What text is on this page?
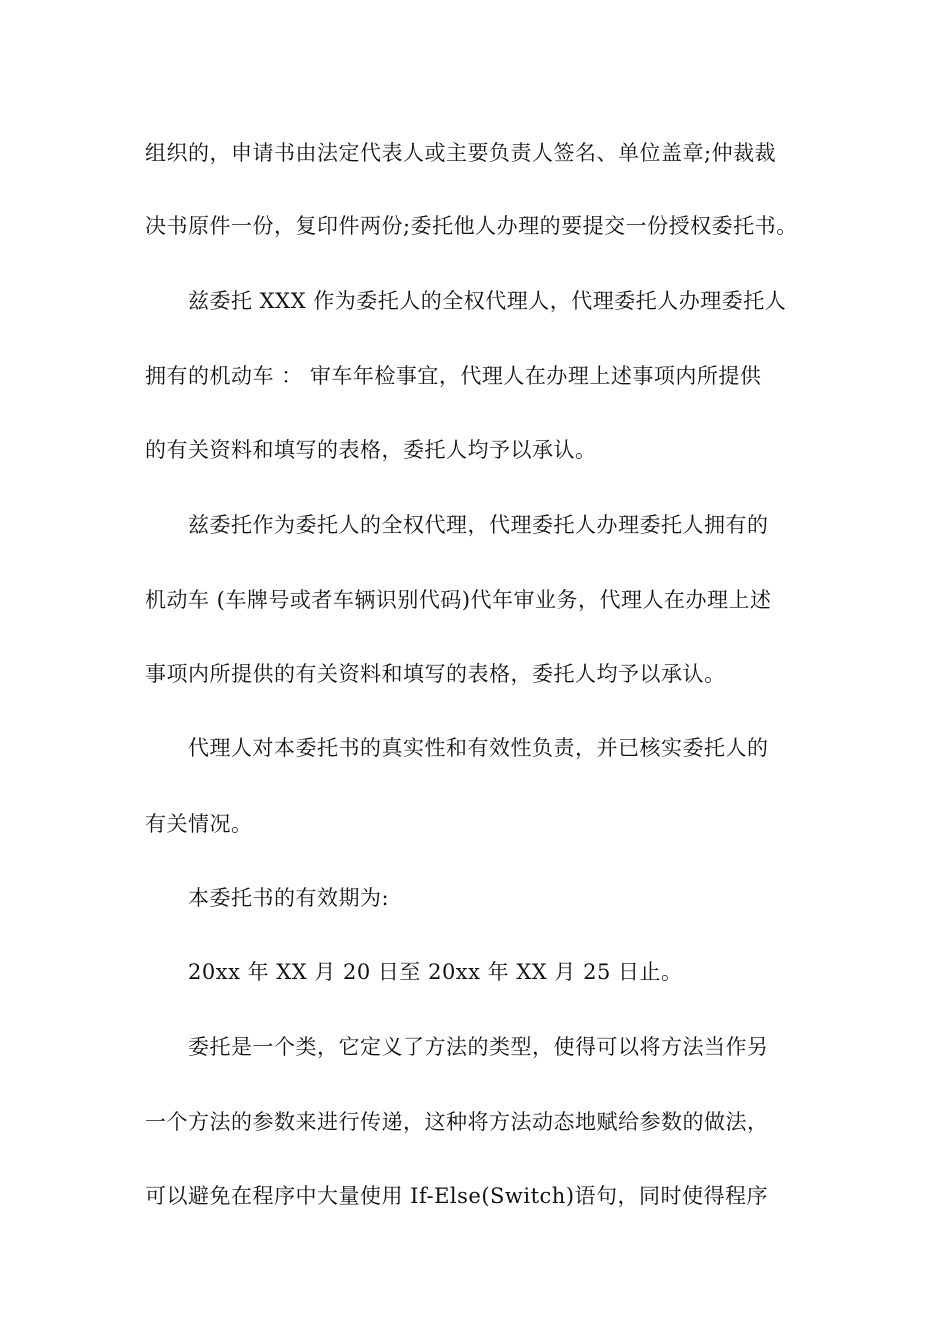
组织的，申请书由法定代表人或主要负责人签名、单位盖章;仲裁裁
决书原件一份，复印件两份;委托他人办理的要提交一份授权委托书。
兹委托 XXX 作为委托人的全权代理人，代理委托人办理委托人
拥有的机动车 ： 审车年检事宜，代理人在办理上述事项内所提供
的有关资料和填写的表格，委托人均予以承认。
兹委托作为委托人的全权代理，代理委托人办理委托人拥有的
机动车 (车牌号或者车辆识别代码)代年审业务，代理人在办理上述
事项内所提供的有关资料和填写的表格，委托人均予以承认。
代理人对本委托书的真实性和有效性负责，并已核实委托人的
有关情况。
本委托书的有效期为:
20xx 年 XX 月 20 日至 20xx 年 XX 月 25 日止。
委托是一个类，它定义了方法的类型，使得可以将方法当作另
一个方法的参数来进行传递，这种将方法动态地赋给参数的做法，
可以避免在程序中大量使用 If-Else(Switch)语句，同时使得程序
